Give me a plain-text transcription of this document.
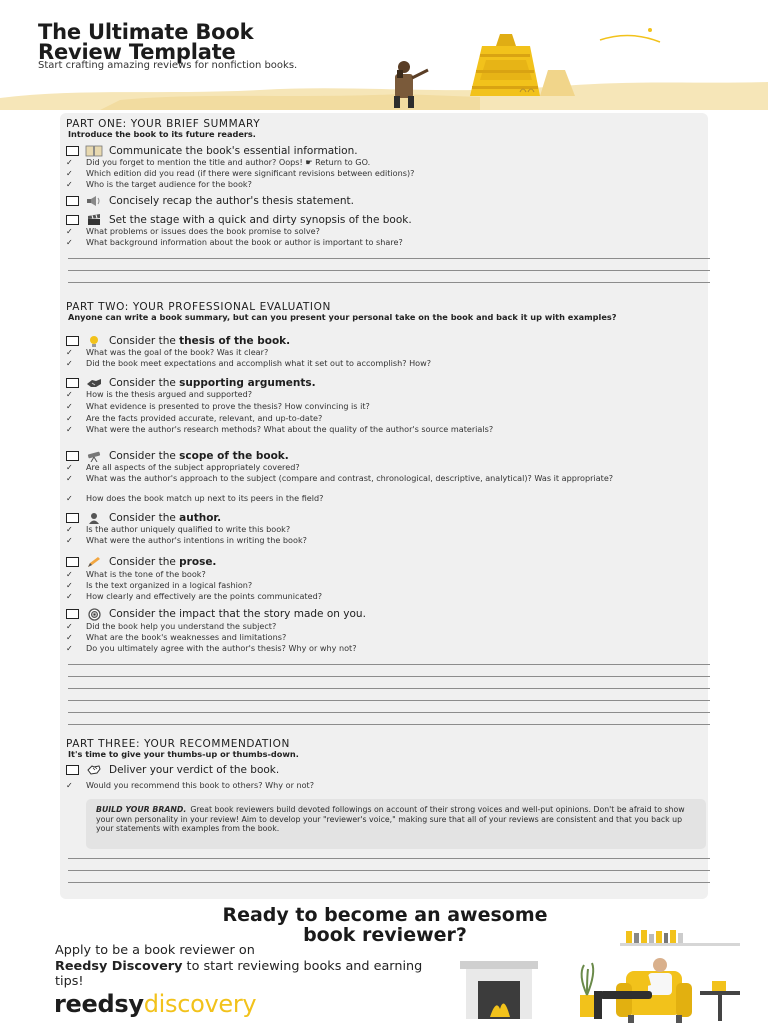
The Ultimate Book
Review Template
Start crafting amazing reviews for nonfiction books.
PART ONE: YOUR BRIEF SUMMARY
Introduce the book to its future readers.
Communicate the book's essential information.
✓	Did you forget to mention the title and author? Oops! ☛ Return to GO.
✓	Which edition did you read (if there were significant revisions between editions)?
✓	Who is the target audience for the book?
Concisely recap the author's thesis statement.
Set the stage with a quick and dirty synopsis of the book.
✓	What problems or issues does the book promise to solve?
✓	What background information about the book or author is important to share?
PART TWO: YOUR PROFESSIONAL EVALUATION
Anyone can write a book summary, but can you present your personal take on the book and back it up with examples?
Consider the thesis of the book.
✓	What was the goal of the book? Was it clear?
✓	Did the book meet expectations and accomplish what it set out to accomplish? How?
Consider the supporting arguments.
✓	How is the thesis argued and supported?
✓	What evidence is presented to prove the thesis? How convincing is it?
✓	Are the facts provided accurate, relevant, and up-to-date?
✓	What were the author's research methods? What about the quality of the author's source materials?
Consider the scope of the book.
✓	Are all aspects of the subject appropriately covered?
✓	What was the author's approach to the subject (compare and contrast, chronological, descriptive, analytical)? Was it appropriate?
✓	How does the book match up next to its peers in the field?
Consider the author.
✓	Is the author uniquely qualified to write this book?
✓	What were the author's intentions in writing the book?
Consider the prose.
✓	What is the tone of the book?
✓	Is the text organized in a logical fashion?
✓	How clearly and effectively are the points communicated?
Consider the impact that the story made on you.
✓	Did the book help you understand the subject?
✓	What are the book's weaknesses and limitations?
✓	Do you ultimately agree with the author's thesis? Why or why not?
PART THREE: YOUR RECOMMENDATION
It's time to give your thumbs-up or thumbs-down.
Deliver your verdict of the book.
✓	Would you recommend this book to others? Why or not?
BUILD YOUR BRAND. Great book reviewers build devoted followings on account of their strong voices and well-put opinions. Don't be afraid to show your own personality in your review! Aim to develop your "reviewer's voice," making sure that all of your reviews are consistent and that you back up your statements with examples from the book.
Ready to become an awesome
book reviewer?
Apply to be a book reviewer on
Reedsy Discovery to start reviewing books and earning tips!
reedsydiscovery
